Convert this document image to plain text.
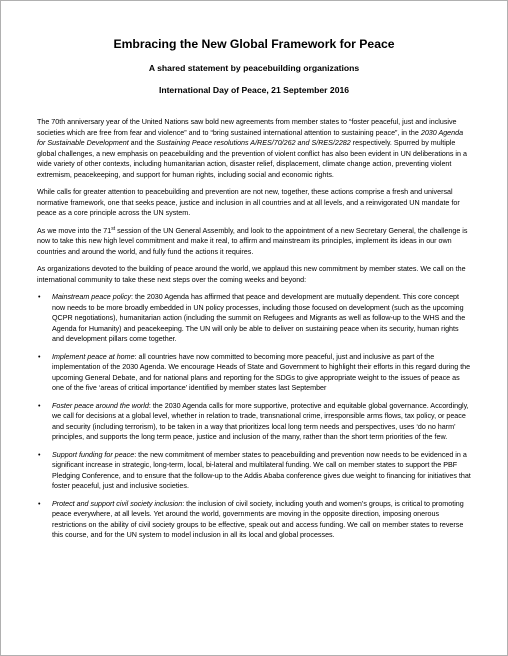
Embracing the New Global Framework for Peace
A shared statement by peacebuilding organizations
International Day of Peace, 21 September 2016

The 70th anniversary year of the United Nations saw bold new agreements from member states to “foster peaceful, just and inclusive societies which are free from fear and violence” and to “bring sustained international attention to sustaining peace”, in the 2030 Agenda for Sustainable Development and the Sustaining Peace resolutions A/RES/70/262 and S/RES/2282 respectively. Spurred by multiple global challenges, a new emphasis on peacebuilding and the prevention of violent conflict has also been evident in UN deliberations in a wide variety of other contexts, including humanitarian action, disaster relief, displacement, climate change action, preventing violent extremism, peacekeeping, and support for human rights, including social and economic rights.

While calls for greater attention to peacebuilding and prevention are not new, together, these actions comprise a fresh and universal normative framework, one that seeks peace, justice and inclusion in all countries and at all levels, and a reinvigorated UN mandate for peace as a core principle across the UN system.

As we move into the 71st session of the UN General Assembly, and look to the appointment of a new Secretary General, the challenge is now to take this new high level commitment and make it real, to affirm and mainstream its principles, implement its ideas in our own countries and around the world, and fully fund the actions it requires.

As organizations devoted to the building of peace around the world, we applaud this new commitment by member states. We call on the international community to take these next steps over the coming weeks and beyond:

• Mainstream peace policy: the 2030 Agenda has affirmed that peace and development are mutually dependent. This core concept now needs to be more broadly embedded in UN policy processes, including those focused on development (such as the upcoming QCPR negotiations), humanitarian action (including the summit on Refugees and Migrants as well as follow-up to the WHS and the Agenda for Humanity) and peacekeeping. The UN will only be able to deliver on sustaining peace when its security, human rights and development pillars come together.
• Implement peace at home: all countries have now committed to becoming more peaceful, just and inclusive as part of the implementation of the 2030 Agenda. We encourage Heads of State and Government to highlight their efforts in this regard during the upcoming General Debate, and for national plans and reporting for the SDGs to give appropriate weight to the issues of peace as one of the five ‘areas of critical importance’ identified by member states last September
• Foster peace around the world: the 2030 Agenda calls for more supportive, protective and equitable global governance. Accordingly, we call for decisions at a global level, whether in relation to trade, transnational crime, irresponsible arms flows, tax policy, or peace and security (including terrorism), to be taken in a way that prioritizes local long term needs and perspectives, uses ‘do no harm’ principles, and supports the long term peace, justice and inclusion of the many, rather than the short term priorities of the few.
• Support funding for peace: the new commitment of member states to peacebuilding and prevention now needs to be evidenced in a significant increase in strategic, long-term, local, bi-lateral and multilateral funding. We call on member states to support the PBF Pledging Conference, and to ensure that the follow-up to the Addis Ababa conference gives due weight to financing for initiatives that foster peaceful, just and inclusive societies.
• Protect and support civil society inclusion: the inclusion of civil society, including youth and women’s groups, is critical to promoting peace everywhere, at all levels. Yet around the world, governments are moving in the opposite direction, imposing onerous restrictions on the ability of civil society groups to be effective, speak out and access funding. We call on member states to reverse this course, and for the UN system to model inclusion in all its local and global processes.
